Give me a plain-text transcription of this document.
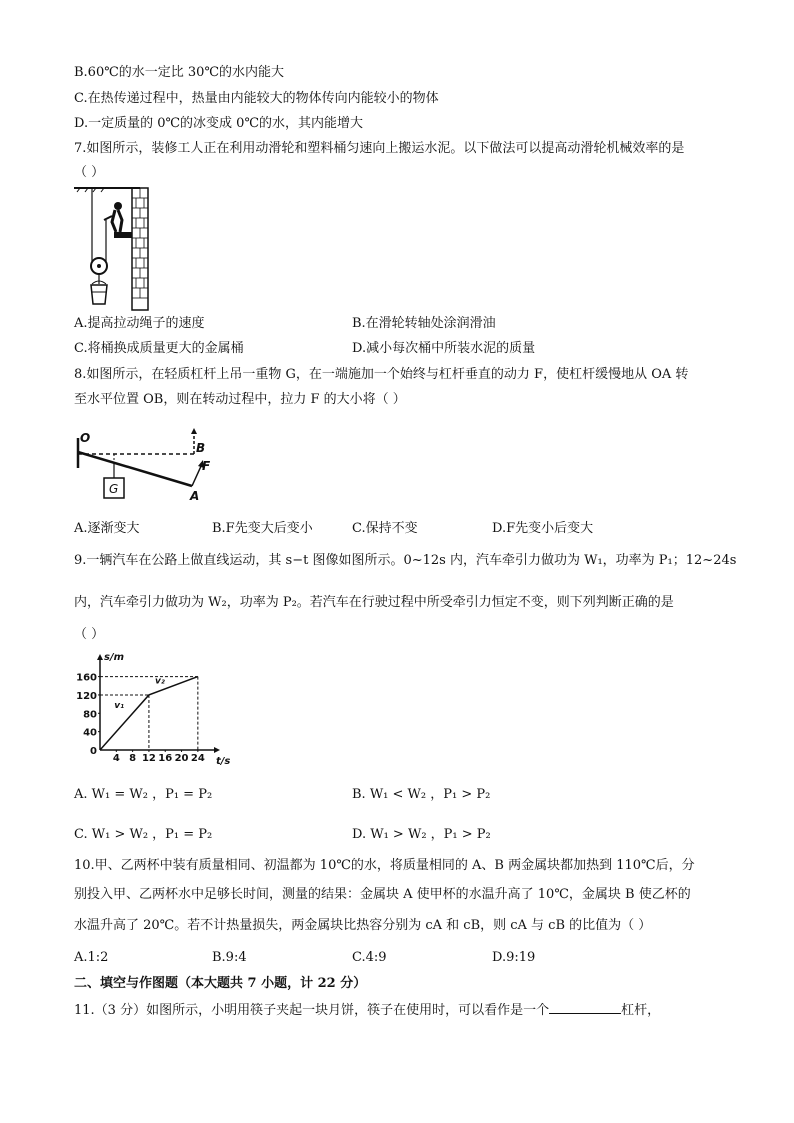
B.60℃的水一定比 30℃的水内能大
C.在热传递过程中，热量由内能较大的物体传向内能较小的物体
D.一定质量的 0℃的冰变成 0℃的水，其内能增大
7.如图所示，装修工人正在利用动滑轮和塑料桶匀速向上搬运水泥。以下做法可以提高动滑轮机械效率的是
（ ）
A.提高拉动绳子的速度	B.在滑轮转轴处涂润滑油
C.将桶换成质量更大的金属桶	D.减小每次桶中所装水泥的质量
8.如图所示，在轻质杠杆上吊一重物 G，在一端施加一个始终与杠杆垂直的动力 F，使杠杆缓慢地从 OA 转
至水平位置 OB，则在转动过程中，拉力 F 的大小将（ ）
O
B
F
A
G
A.逐渐变大	B.F先变大后变小	C.保持不变	D.F先变小后变大
9.一辆汽车在公路上做直线运动，其 s−t 图像如图所示。0~12s 内，汽车牵引力做功为 W₁，功率为 P₁；12~24s
内，汽车牵引力做功为 W₂，功率为 P₂。若汽车在行驶过程中所受牵引力恒定不变，则下列判断正确的是
（ ）
0
40
80
120
160
4 8 12 16 20 24
s/m
t/s
v₁
v₂
A. W₁ = W₂ ，P₁ = P₂	B. W₁ < W₂ ，P₁ > P₂
C. W₁ > W₂ ，P₁ = P₂	D. W₁ > W₂ ，P₁ > P₂
10.甲、乙两杯中装有质量相同、初温都为 10℃的水，将质量相同的 A、B 两金属块都加热到 110℃后，分
别投入甲、乙两杯水中足够长时间，测量的结果：金属块 A 使甲杯的水温升高了 10℃，金属块 B 使乙杯的
水温升高了 20℃。若不计热量损失，两金属块比热容分别为 cA 和 cB，则 cA 与 cB 的比值为（ ）
A.1:2	B.9:4	C.4:9	D.9:19
二、填空与作图题（本大题共 7 小题，计 22 分）
11.（3 分）如图所示，小明用筷子夹起一块月饼，筷子在使用时，可以看作是一个	杠杆，
